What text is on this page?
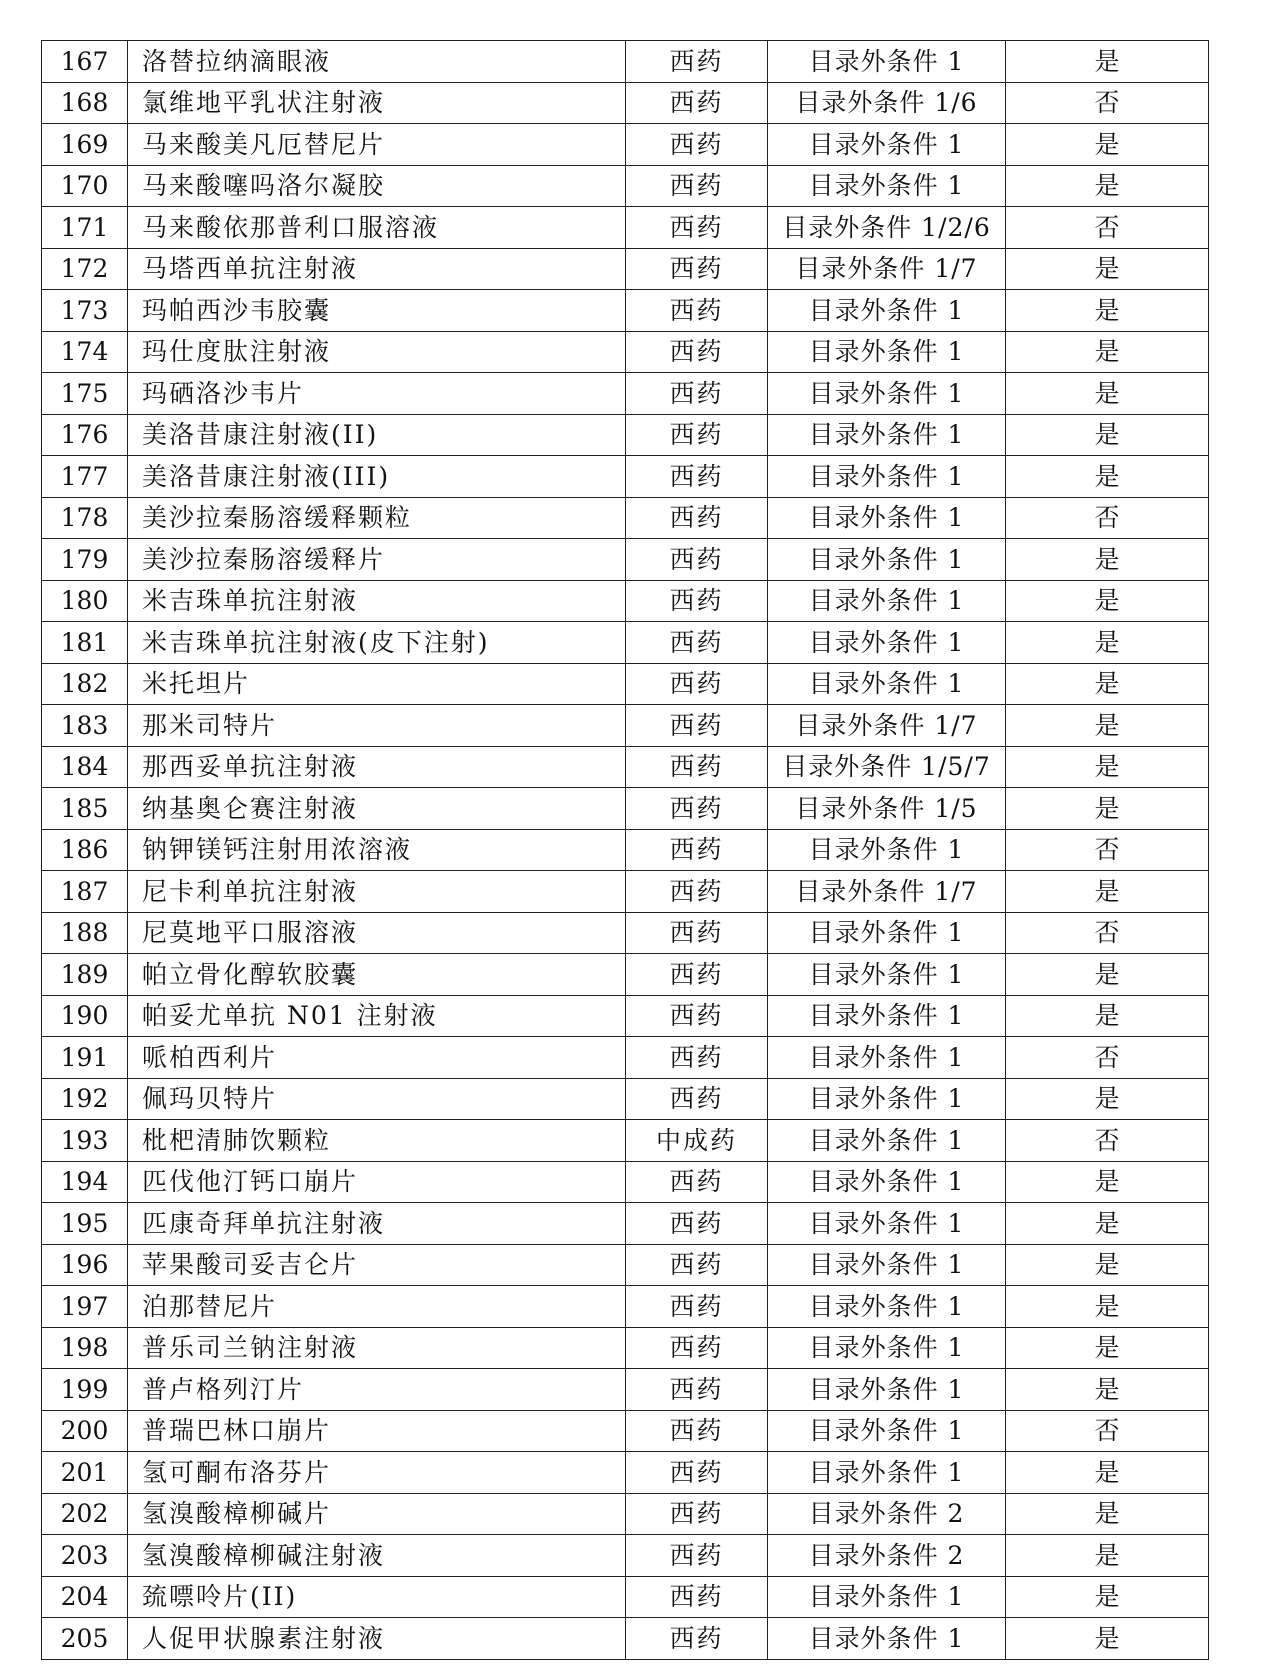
167	洛替拉纳滴眼液	西药	目录外条件 1	是
168	氯维地平乳状注射液	西药	目录外条件 1/6	否
169	马来酸美凡厄替尼片	西药	目录外条件 1	是
170	马来酸噻吗洛尔凝胶	西药	目录外条件 1	是
171	马来酸依那普利口服溶液	西药	目录外条件 1/2/6	否
172	马塔西单抗注射液	西药	目录外条件 1/7	是
173	玛帕西沙韦胶囊	西药	目录外条件 1	是
174	玛仕度肽注射液	西药	目录外条件 1	是
175	玛硒洛沙韦片	西药	目录外条件 1	是
176	美洛昔康注射液(II)	西药	目录外条件 1	是
177	美洛昔康注射液(III)	西药	目录外条件 1	是
178	美沙拉秦肠溶缓释颗粒	西药	目录外条件 1	否
179	美沙拉秦肠溶缓释片	西药	目录外条件 1	是
180	米吉珠单抗注射液	西药	目录外条件 1	是
181	米吉珠单抗注射液(皮下注射)	西药	目录外条件 1	是
182	米托坦片	西药	目录外条件 1	是
183	那米司特片	西药	目录外条件 1/7	是
184	那西妥单抗注射液	西药	目录外条件 1/5/7	是
185	纳基奥仑赛注射液	西药	目录外条件 1/5	是
186	钠钾镁钙注射用浓溶液	西药	目录外条件 1	否
187	尼卡利单抗注射液	西药	目录外条件 1/7	是
188	尼莫地平口服溶液	西药	目录外条件 1	否
189	帕立骨化醇软胶囊	西药	目录外条件 1	是
190	帕妥尤单抗 N01 注射液	西药	目录外条件 1	是
191	哌柏西利片	西药	目录外条件 1	否
192	佩玛贝特片	西药	目录外条件 1	是
193	枇杷清肺饮颗粒	中成药	目录外条件 1	否
194	匹伐他汀钙口崩片	西药	目录外条件 1	是
195	匹康奇拜单抗注射液	西药	目录外条件 1	是
196	苹果酸司妥吉仑片	西药	目录外条件 1	是
197	泊那替尼片	西药	目录外条件 1	是
198	普乐司兰钠注射液	西药	目录外条件 1	是
199	普卢格列汀片	西药	目录外条件 1	是
200	普瑞巴林口崩片	西药	目录外条件 1	否
201	氢可酮布洛芬片	西药	目录外条件 1	是
202	氢溴酸樟柳碱片	西药	目录外条件 2	是
203	氢溴酸樟柳碱注射液	西药	目录外条件 2	是
204	巯嘌呤片(II)	西药	目录外条件 1	是
205	人促甲状腺素注射液	西药	目录外条件 1	是
